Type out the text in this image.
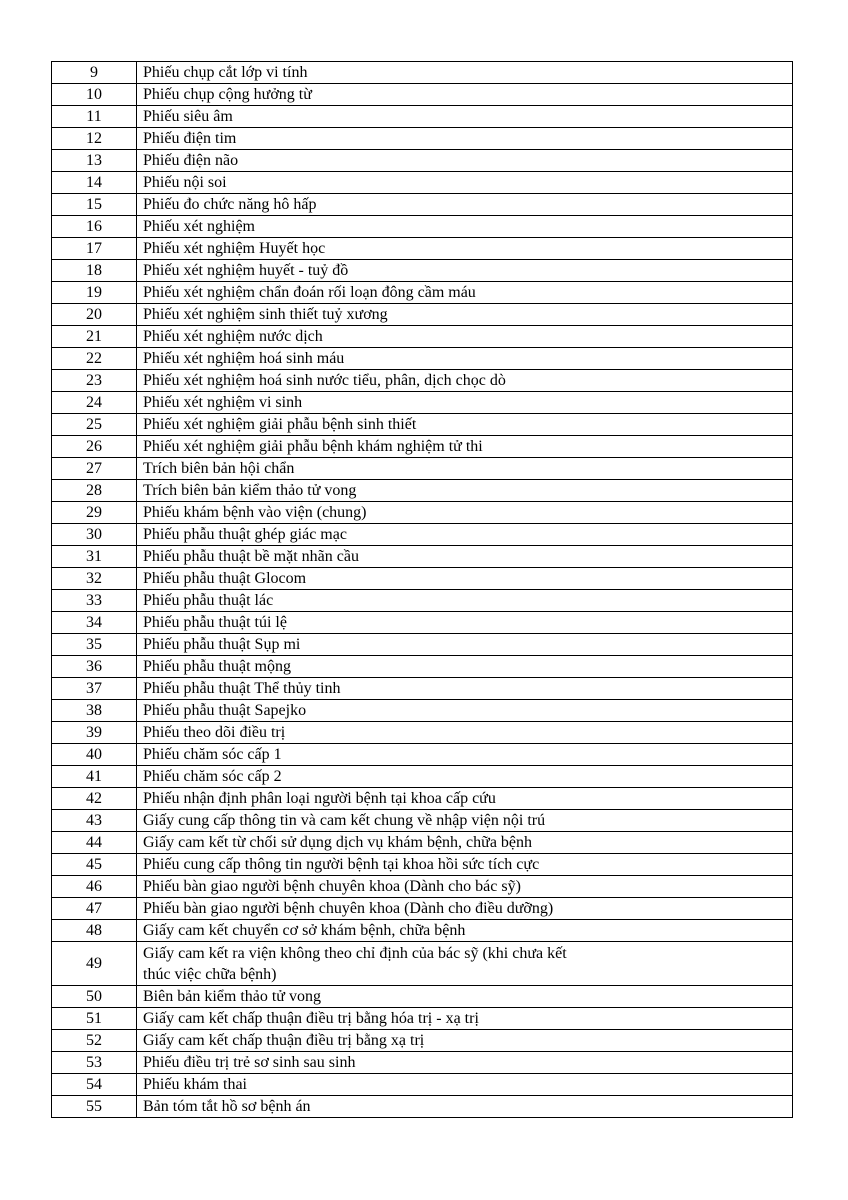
9	Phiếu chụp cắt lớp vi tính
10	Phiếu chụp cộng hưởng từ
11	Phiếu siêu âm
12	Phiếu điện tim
13	Phiếu điện não
14	Phiếu nội soi
15	Phiếu đo chức năng hô hấp
16	Phiếu xét nghiệm
17	Phiếu xét nghiệm Huyết học
18	Phiếu xét nghiệm huyết - tuỷ đồ
19	Phiếu xét nghiệm chẩn đoán rối loạn đông cầm máu
20	Phiếu xét nghiệm sinh thiết tuỷ xương
21	Phiếu xét nghiệm nước dịch
22	Phiếu xét nghiệm hoá sinh máu
23	Phiếu xét nghiệm hoá sinh nước tiểu, phân, dịch chọc dò
24	Phiếu xét nghiệm vi sinh
25	Phiếu xét nghiệm giải phẫu bệnh sinh thiết
26	Phiếu xét nghiệm giải phẫu bệnh khám nghiệm tử thi
27	Trích biên bản hội chẩn
28	Trích biên bản kiểm thảo tử vong
29	Phiếu khám bệnh vào viện (chung)
30	Phiếu phẫu thuật ghép giác mạc
31	Phiếu phẫu thuật bề mặt nhãn cầu
32	Phiếu phẫu thuật Glocom
33	Phiếu phẫu thuật lác
34	Phiếu phẫu thuật túi lệ
35	Phiếu phẫu thuật Sụp mi
36	Phiếu phẫu thuật mộng
37	Phiếu phẫu thuật Thể thủy tinh
38	Phiếu phẫu thuật Sapejko
39	Phiếu theo dõi điều trị
40	Phiếu chăm sóc cấp 1
41	Phiếu chăm sóc cấp 2
42	Phiếu nhận định phân loại người bệnh tại khoa cấp cứu
43	Giấy cung cấp thông tin và cam kết chung về nhập viện nội trú
44	Giấy cam kết từ chối sử dụng dịch vụ khám bệnh, chữa bệnh
45	Phiếu cung cấp thông tin người bệnh tại khoa hồi sức tích cực
46	Phiếu bàn giao người bệnh chuyên khoa (Dành cho bác sỹ)
47	Phiếu bàn giao người bệnh chuyên khoa (Dành cho điều dưỡng)
48	Giấy cam kết chuyển cơ sở khám bệnh, chữa bệnh
49	Giấy cam kết ra viện không theo chỉ định của bác sỹ (khi chưa kết
thúc việc chữa bệnh)
50	Biên bản kiểm thảo tử vong
51	Giấy cam kết chấp thuận điều trị bằng hóa trị - xạ trị
52	Giấy cam kết chấp thuận điều trị bằng xạ trị
53	Phiếu điều trị trẻ sơ sinh sau sinh
54	Phiếu khám thai
55	Bản tóm tắt hồ sơ bệnh án
